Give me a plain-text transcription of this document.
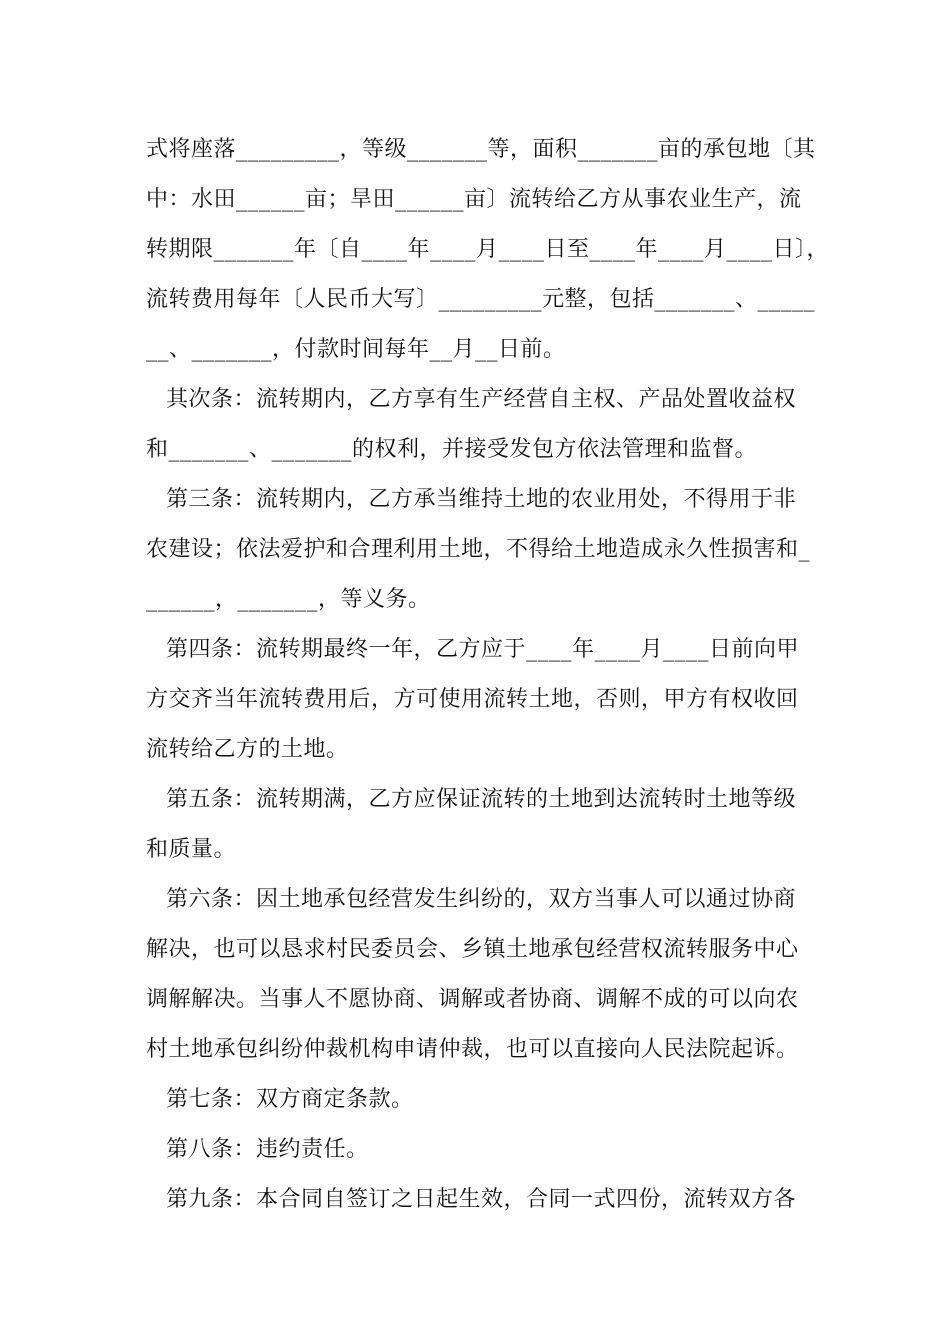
式将座落_________，等级_______等，面积_______亩的承包地〔其
中：水田______亩；旱田______亩〕流转给乙方从事农业生产，流
转期限_______年〔自____年____月____日至____年____月____日〕，
流转费用每年〔人民币大写〕_________元整，包括_______、_____
__、_______，付款时间每年__月__日前。
其次条：流转期内，乙方享有生产经营自主权、产品处置收益权
和_______、_______的权利，并接受发包方依法管理和监督。
第三条：流转期内，乙方承当维持土地的农业用处，不得用于非
农建设；依法爱护和合理利用土地，不得给土地造成永久性损害和_
______，_______，等义务。
第四条：流转期最终一年，乙方应于____年____月____日前向甲
方交齐当年流转费用后，方可使用流转土地，否则，甲方有权收回
流转给乙方的土地。
第五条：流转期满，乙方应保证流转的土地到达流转时土地等级
和质量。
第六条：因土地承包经营发生纠纷的，双方当事人可以通过协商
解决，也可以恳求村民委员会、乡镇土地承包经营权流转服务中心
调解解决。当事人不愿协商、调解或者协商、调解不成的可以向农
村土地承包纠纷仲裁机构申请仲裁，也可以直接向人民法院起诉。
第七条：双方商定条款。
第八条：违约责任。
第九条：本合同自签订之日起生效，合同一式四份，流转双方各
